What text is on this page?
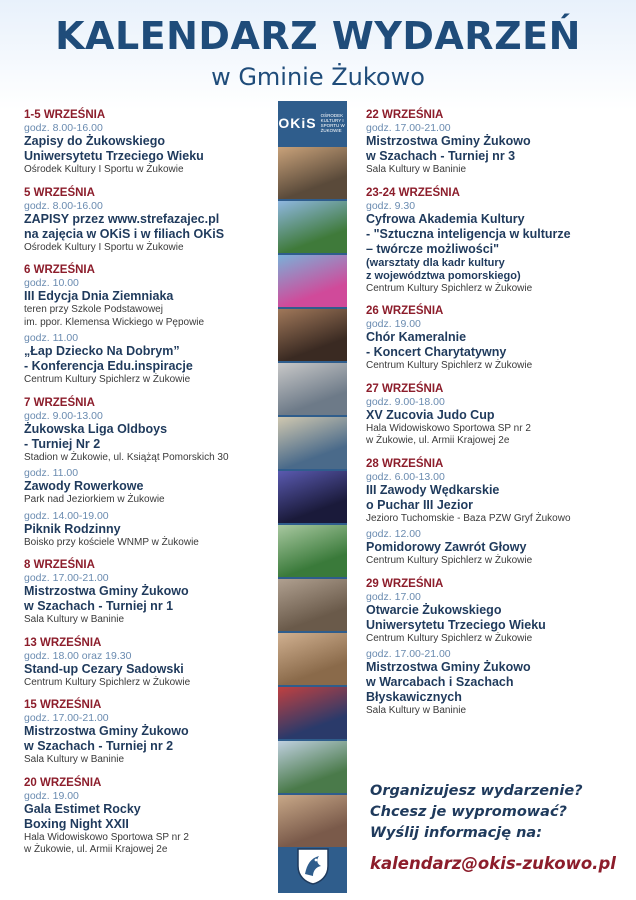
KALENDARZ WYDARZEŃ
w Gminie Żukowo
1-5 WRZEŚNIA
godz. 8.00-16.00
Zapisy do Żukowskiego
Uniwersytetu Trzeciego Wieku
Ośrodek Kultury I Sportu w Żukowie
5 WRZEŚNIA
godz. 8.00-16.00
ZAPISY przez www.strefazajec.pl
na zajęcia w OKiS i w filiach OKiS
Ośrodek Kultury I Sportu w Żukowie
6 WRZEŚNIA
godz. 10.00
III Edycja Dnia Ziemniaka
teren przy Szkole Podstawowej
im. ppor. Klemensa Wickiego w Pępowie
godz. 11.00
„Łap Dziecko Na Dobrym”
- Konferencja Edu.inspiracje
Centrum Kultury Spichlerz w Żukowie
7 WRZEŚNIA
godz. 9.00-13.00
Żukowska Liga Oldboys
- Turniej Nr 2
Stadion w Żukowie, ul. Książąt Pomorskich 30
godz. 11.00
Zawody Rowerkowe
Park nad Jeziorkiem w Żukowie
godz. 14.00-19.00
Piknik Rodzinny
Boisko przy kościele WNMP w Żukowie
8 WRZEŚNIA
godz. 17.00-21.00
Mistrzostwa Gminy Żukowo
w Szachach - Turniej nr 1
Sala Kultury w Baninie
13 WRZEŚNIA
godz. 18.00 oraz 19.30
Stand-up Cezary Sadowski
Centrum Kultury Spichlerz w Żukowie
15 WRZEŚNIA
godz. 17.00-21.00
Mistrzostwa Gminy Żukowo
w Szachach - Turniej nr 2
Sala Kultury w Baninie
20 WRZEŚNIA
godz. 19.00
Gala Estimet Rocky
Boxing Night XXII
Hala Widowiskowo Sportowa SP nr 2
w Żukowie, ul. Armii Krajowej 2e
OKiS OŚRODEK KULTURY I SPORTU W ŻUKOWIE
22 WRZEŚNIA
godz. 17.00-21.00
Mistrzostwa Gminy Żukowo
w Szachach - Turniej nr 3
Sala Kultury w Baninie
23-24 WRZEŚNIA
godz. 9.30
Cyfrowa Akademia Kultury
- "Sztuczna inteligencja w kulturze
– twórcze możliwości"
(warsztaty dla kadr kultury
z województwa pomorskiego)
Centrum Kultury Spichlerz w Żukowie
26 WRZEŚNIA
godz. 19.00
Chór Kameralnie
- Koncert Charytatywny
Centrum Kultury Spichlerz w Żukowie
27 WRZEŚNIA
godz. 9.00-18.00
XV Zucovia Judo Cup
Hala Widowiskowo Sportowa SP nr 2
w Żukowie, ul. Armii Krajowej 2e
28 WRZEŚNIA
godz. 6.00-13.00
III Zawody Wędkarskie
o Puchar III Jezior
Jezioro Tuchomskie - Baza PZW Gryf Żukowo
godz. 12.00
Pomidorowy Zawrót Głowy
Centrum Kultury Spichlerz w Żukowie
29 WRZEŚNIA
godz. 17.00
Otwarcie Żukowskiego
Uniwersytetu Trzeciego Wieku
Centrum Kultury Spichlerz w Żukowie
godz. 17.00-21.00
Mistrzostwa Gminy Żukowo
w Warcabach i Szachach
Błyskawicznych
Sala Kultury w Baninie
Organizujesz wydarzenie?
Chcesz je wypromować?
Wyślij informację na:
kalendarz@okis-zukowo.pl
